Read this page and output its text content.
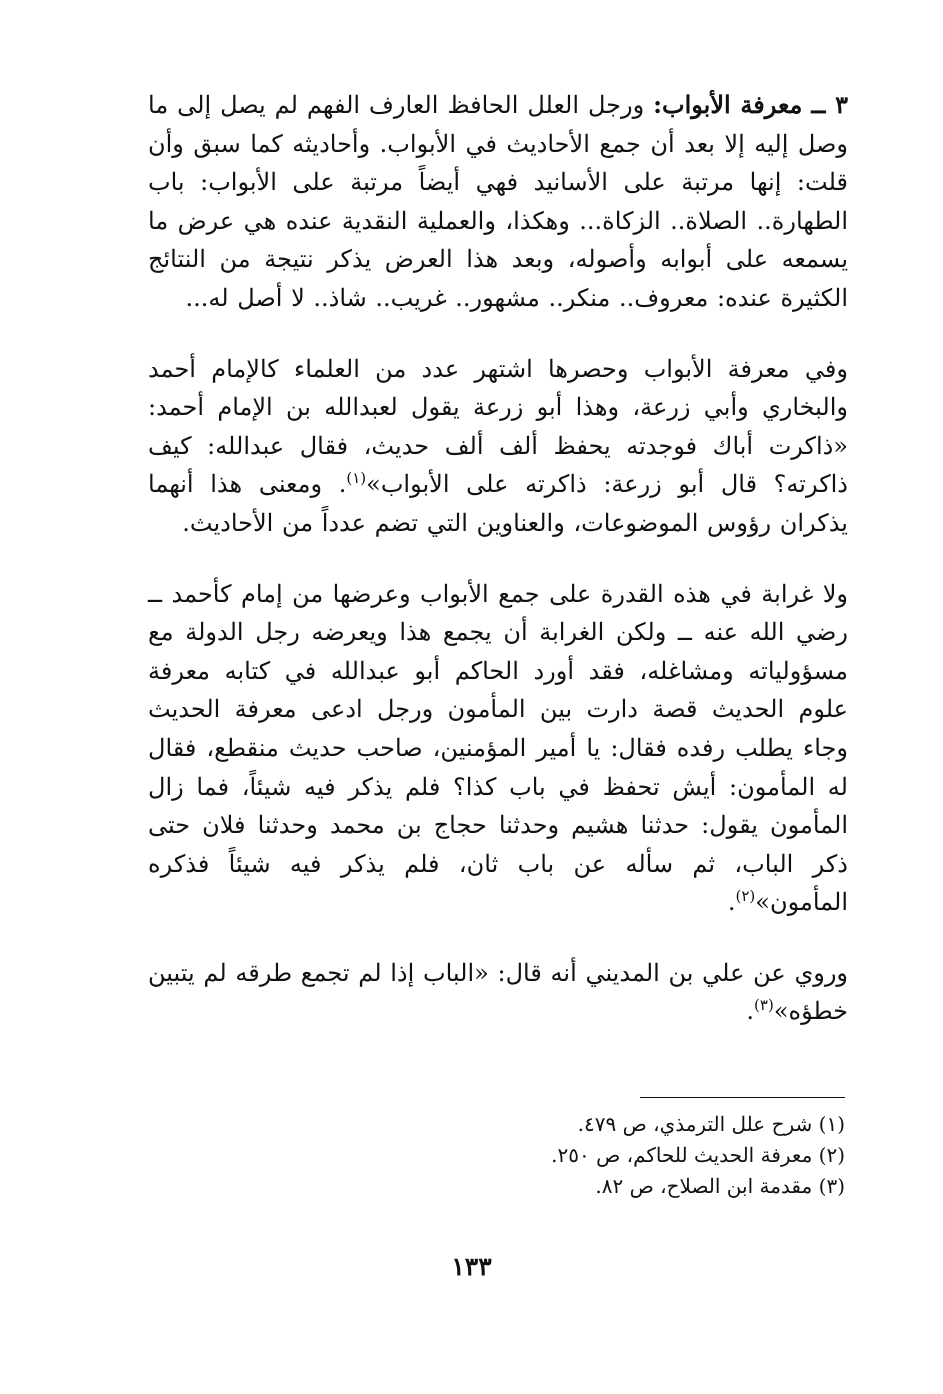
٣ ــ معرفة الأبواب: ورجل العلل الحافظ العارف الفهم لم يصل إلى ما وصل إليه إلا بعد أن جمع الأحاديث في الأبواب. وأحاديثه كما سبق وأن قلت: إنها مرتبة على الأسانيد فهي أيضاً مرتبة على الأبواب: باب الطهارة.. الصلاة.. الزكاة... وهكذا، والعملية النقدية عنده هي عرض ما يسمعه على أبوابه وأصوله، وبعد هذا العرض يذكر نتيجة من النتائج الكثيرة عنده: معروف.. منكر.. مشهور.. غريب.. شاذ.. لا أصل له...

وفي معرفة الأبواب وحصرها اشتهر عدد من العلماء كالإمام أحمد والبخاري وأبي زرعة، وهذا أبو زرعة يقول لعبدالله بن الإمام أحمد: «ذاكرت أباك فوجدته يحفظ ألف ألف حديث، فقال عبدالله: كيف ذاكرته؟ قال أبو زرعة: ذاكرته على الأبواب»$^{(١)}$. ومعنى هذا أنهما يذكران رؤوس الموضوعات، والعناوين التي تضم عدداً من الأحاديث.

ولا غرابة في هذه القدرة على جمع الأبواب وعرضها من إمام كأحمد ــ رضي الله عنه ــ ولكن الغرابة أن يجمع هذا ويعرضه رجل الدولة مع مسؤولياته ومشاغله، فقد أورد الحاكم أبو عبدالله في كتابه معرفة علوم الحديث قصة دارت بين المأمون ورجل ادعى معرفة الحديث وجاء يطلب رفده فقال: يا أمير المؤمنين، صاحب حديث منقطع، فقال له المأمون: أيش تحفظ في باب كذا؟ فلم يذكر فيه شيئاً، فما زال المأمون يقول: حدثنا هشيم وحدثنا حجاج بن محمد وحدثنا فلان حتى ذكر الباب، ثم سأله عن باب ثان، فلم يذكر فيه شيئاً فذكره المأمون»$^{(٢)}$.

وروي عن علي بن المديني أنه قال: «الباب إذا لم تجمع طرقه لم يتبين خطؤه»$^{(٣)}$.

(١) شرح علل الترمذي، ص ٤٧٩.

(٢) معرفة الحديث للحاكم، ص ٢٥٠.

(٣) مقدمة ابن الصلاح، ص ٨٢.

١٣٣
